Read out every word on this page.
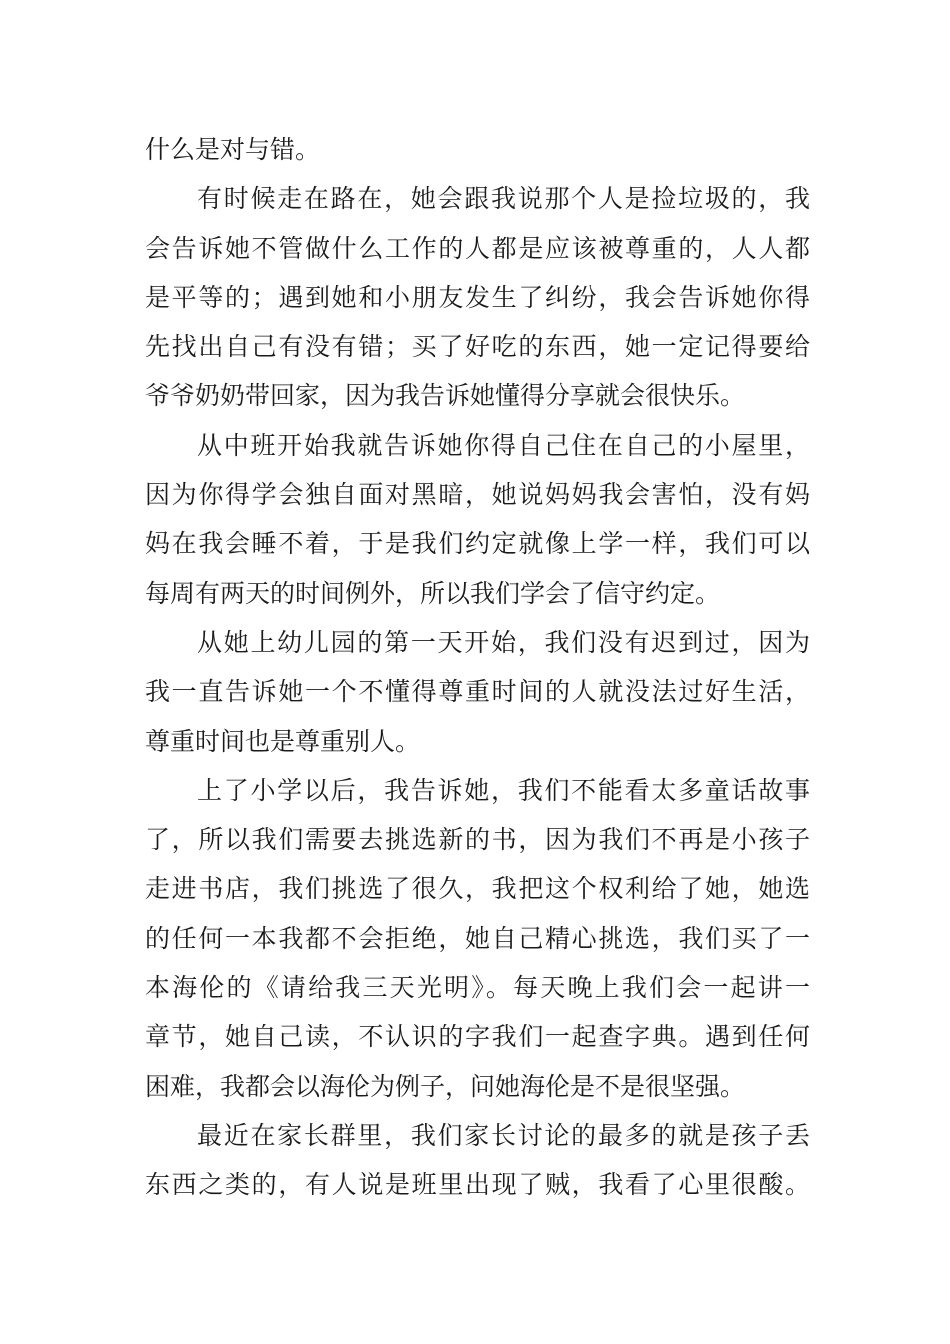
什么是对与错。
有时候走在路在，她会跟我说那个人是捡垃圾的，我
会告诉她不管做什么工作的人都是应该被尊重的，人人都
是平等的；遇到她和小朋友发生了纠纷，我会告诉她你得
先找出自己有没有错；买了好吃的东西，她一定记得要给
爷爷奶奶带回家，因为我告诉她懂得分享就会很快乐。
从中班开始我就告诉她你得自己住在自己的小屋里，
因为你得学会独自面对黑暗，她说妈妈我会害怕，没有妈
妈在我会睡不着，于是我们约定就像上学一样，我们可以
每周有两天的时间例外，所以我们学会了信守约定。
从她上幼儿园的第一天开始，我们没有迟到过，因为
我一直告诉她一个不懂得尊重时间的人就没法过好生活，
尊重时间也是尊重别人。
上了小学以后，我告诉她，我们不能看太多童话故事
了，所以我们需要去挑选新的书，因为我们不再是小孩子
走进书店，我们挑选了很久，我把这个权利给了她，她选
的任何一本我都不会拒绝，她自己精心挑选，我们买了一
本海伦的《请给我三天光明》。每天晚上我们会一起讲一
章节，她自己读，不认识的字我们一起查字典。遇到任何
困难，我都会以海伦为例子，问她海伦是不是很坚强。
最近在家长群里，我们家长讨论的最多的就是孩子丢
东西之类的，有人说是班里出现了贼，我看了心里很酸。
